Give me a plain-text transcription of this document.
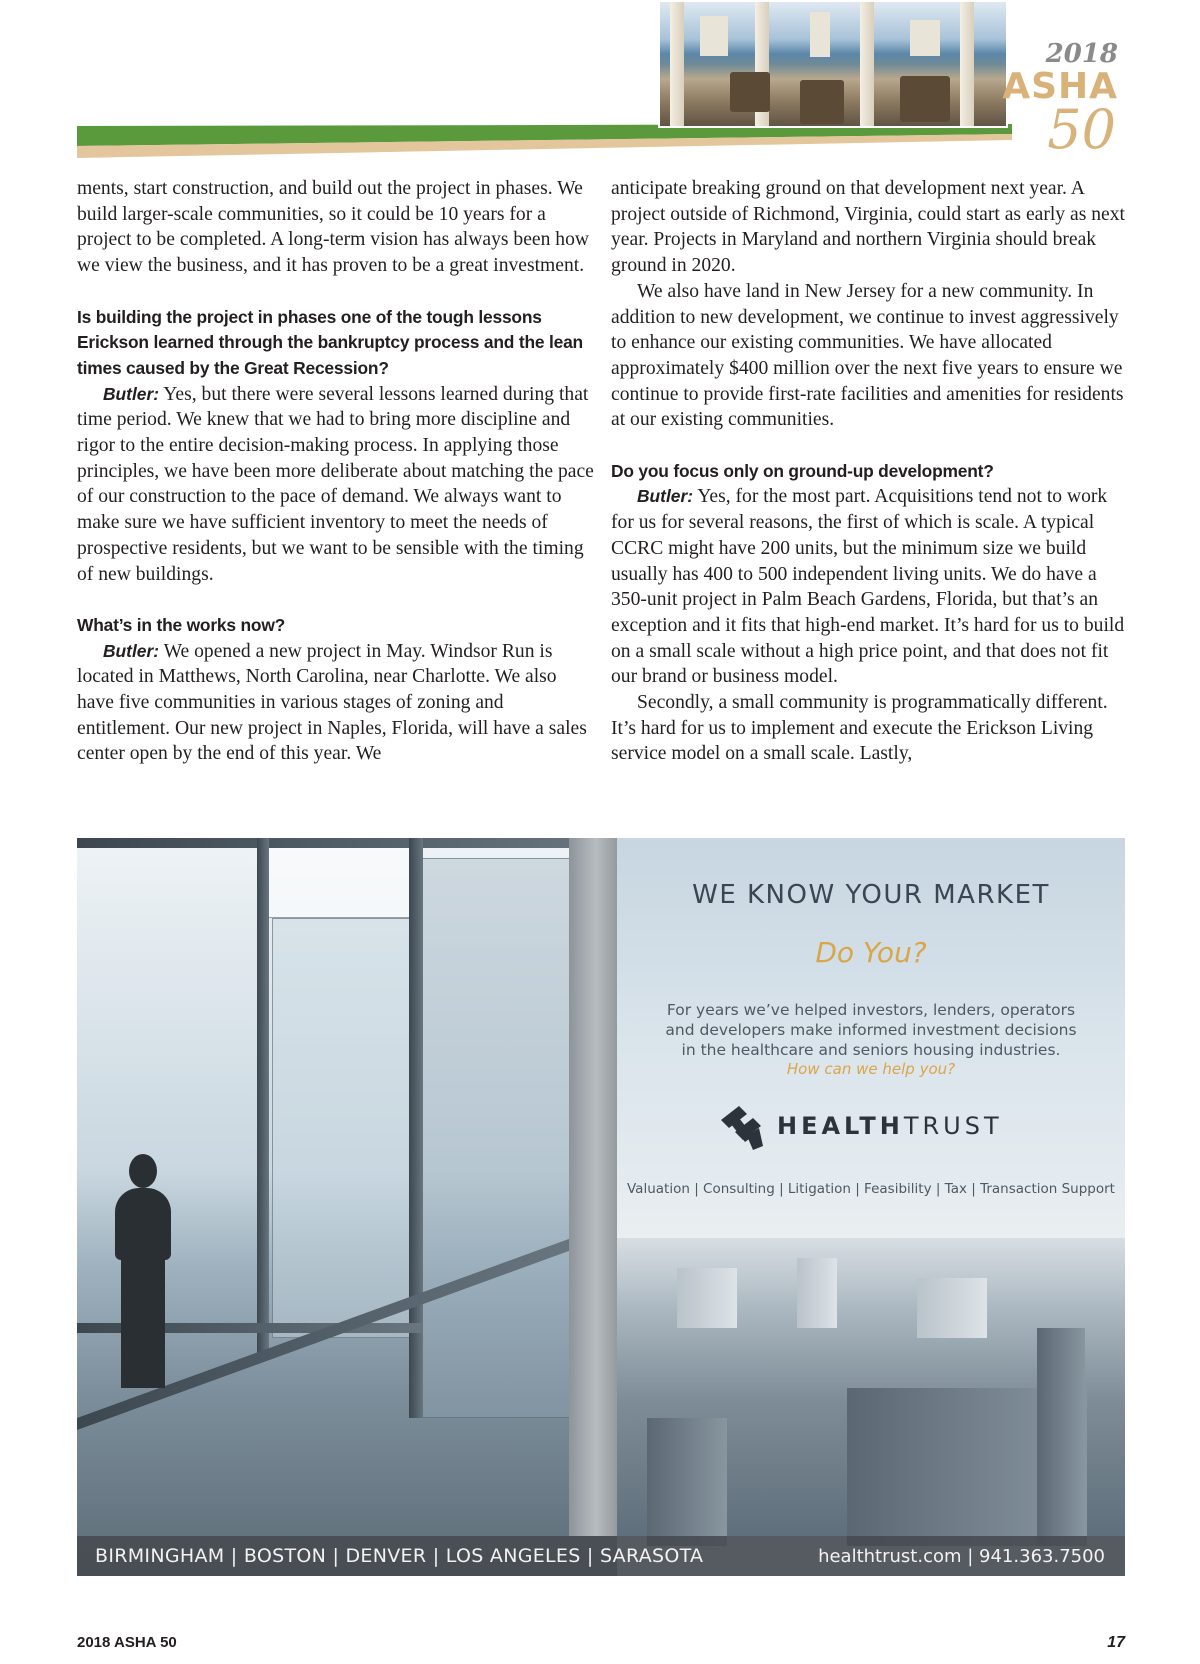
2018
ASHA
50

ments, start construction, and build out the project in phases. We build larger-scale communities, so it could be 10 years for a project to be completed. A long-term vision has always been how we view the business, and it has proven to be a great investment.

Is building the project in phases one of the tough lessons Erickson learned through the bankruptcy process and the lean times caused by the Great Recession?

Butler: Yes, but there were several lessons learned during that time period. We knew that we had to bring more discipline and rigor to the entire decision-making process. In applying those principles, we have been more deliberate about matching the pace of our construction to the pace of demand. We always want to make sure we have sufficient inventory to meet the needs of prospective residents, but we want to be sensible with the timing of new buildings.

What’s in the works now?

Butler: We opened a new project in May. Windsor Run is located in Matthews, North Carolina, near Charlotte. We also have five communities in various stages of zoning and entitlement. Our new project in Naples, Florida, will have a sales center open by the end of this year. We

anticipate breaking ground on that development next year. A project outside of Richmond, Virginia, could start as early as next year. Projects in Maryland and northern Virginia should break ground in 2020.

We also have land in New Jersey for a new community. In addition to new development, we continue to invest aggressively to enhance our existing communities. We have allocated approximately $400 million over the next five years to ensure we continue to provide first-rate facilities and amenities for residents at our existing communities.

Do you focus only on ground-up development?

Butler: Yes, for the most part. Acquisitions tend not to work for us for several reasons, the first of which is scale. A typical CCRC might have 200 units, but the minimum size we build usually has 400 to 500 independent living units. We do have a 350-unit project in Palm Beach Gardens, Florida, but that’s an exception and it fits that high-end market. It’s hard for us to build on a small scale without a high price point, and that does not fit our brand or business model.

Secondly, a small community is programmatically different. It’s hard for us to implement and execute the Erickson Living service model on a small scale. Lastly,

WE KNOW YOUR MARKET
Do You?
For years we’ve helped investors, lenders, operators and developers make informed investment decisions in the healthcare and seniors housing industries.
How can we help you?
HEALTHTRUST
Valuation | Consulting | Litigation | Feasibility | Tax | Transaction Support
BIRMINGHAM | BOSTON | DENVER | LOS ANGELES | SARASOTA	healthtrust.com | 941.363.7500
2018 ASHA 50	17
